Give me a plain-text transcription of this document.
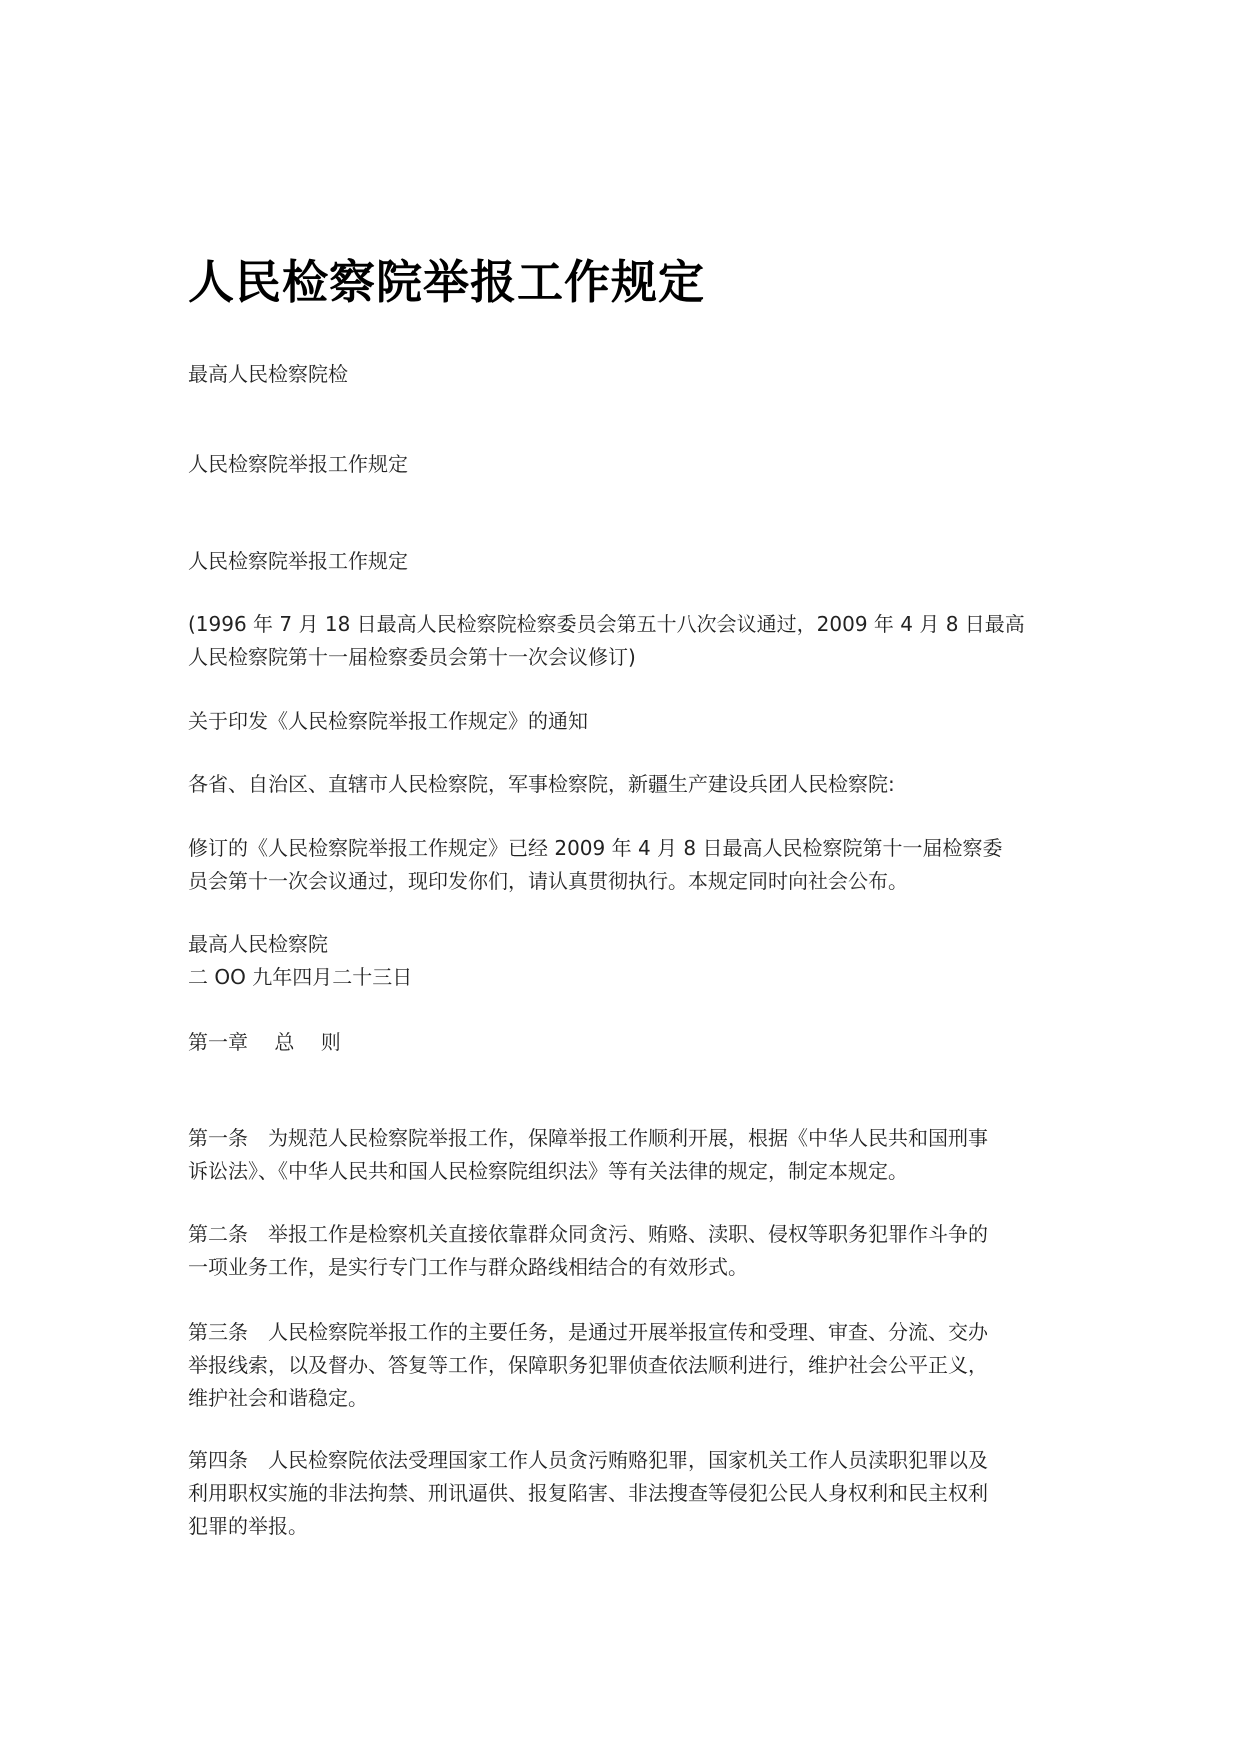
人民检察院举报工作规定

最高人民检察院检

人民检察院举报工作规定

人民检察院举报工作规定

(1996 年 7 月 18 日最高人民检察院检察委员会第五十八次会议通过，2009 年 4 月 8 日最高
人民检察院第十一届检察委员会第十一次会议修订)

关于印发《人民检察院举报工作规定》的通知

各省、自治区、直辖市人民检察院，军事检察院，新疆生产建设兵团人民检察院:

修订的《人民检察院举报工作规定》已经 2009 年 4 月 8 日最高人民检察院第十一届检察委
员会第十一次会议通过，现印发你们，请认真贯彻执行。本规定同时向社会公布。

最高人民检察院
二 OO 九年四月二十三日

第一章　 总　 则

第一条　为规范人民检察院举报工作，保障举报工作顺利开展，根据《中华人民共和国刑事
诉讼法》、《中华人民共和国人民检察院组织法》等有关法律的规定，制定本规定。

第二条　举报工作是检察机关直接依靠群众同贪污、贿赂、渎职、侵权等职务犯罪作斗争的
一项业务工作，是实行专门工作与群众路线相结合的有效形式。

第三条　人民检察院举报工作的主要任务，是通过开展举报宣传和受理、审查、分流、交办
举报线索，以及督办、答复等工作，保障职务犯罪侦查依法顺利进行，维护社会公平正义，
维护社会和谐稳定。

第四条　人民检察院依法受理国家工作人员贪污贿赂犯罪，国家机关工作人员渎职犯罪以及
利用职权实施的非法拘禁、刑讯逼供、报复陷害、非法搜查等侵犯公民人身权利和民主权利
犯罪的举报。
